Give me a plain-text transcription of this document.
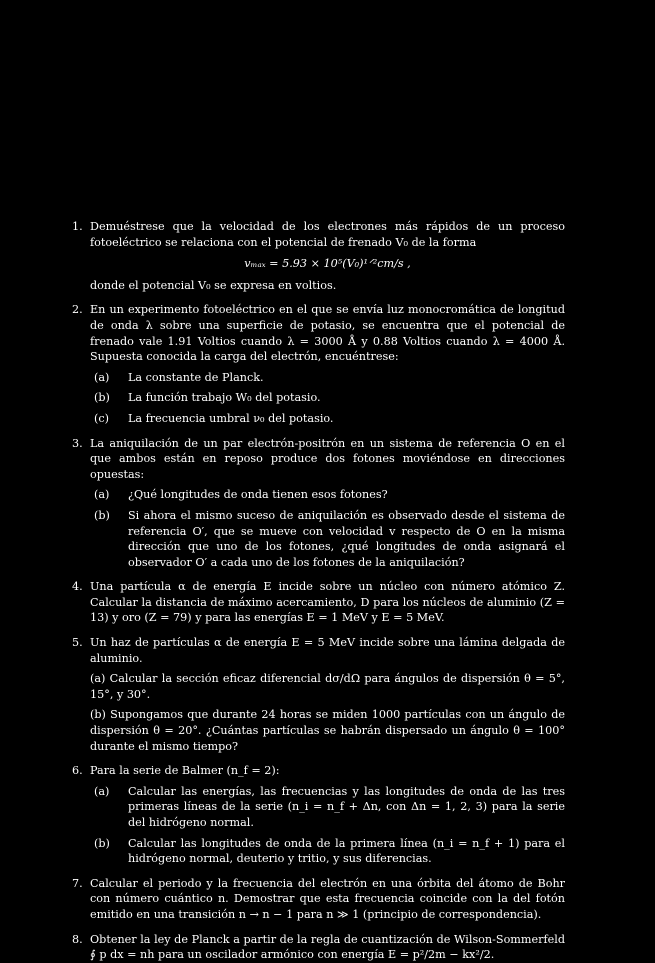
1. Demuéstrese que la velocidad de los electrones más rápidos de un proceso fotoeléctrico se relaciona con el potencial de frenado V₀ de la forma
vₘₐₓ = 5.93 × 10⁵(V₀)¹ᐟ²cm/s ,
donde el potencial V₀ se expresa en voltios.
2. En un experimento fotoeléctrico en el que se envía luz monocromática de longitud de onda λ sobre una superficie de potasio, se encuentra que el potencial de frenado vale 1.91 Voltios cuando λ = 3000 Å y 0.88 Voltios cuando λ = 4000 Å. Supuesta conocida la carga del electrón, encuéntrese:
(a) La constante de Planck.
(b) La función trabajo W₀ del potasio.
(c) La frecuencia umbral ν₀ del potasio.
3. La aniquilación de un par electrón-positrón en un sistema de referencia O en el que ambos están en reposo produce dos fotones moviéndose en direcciones opuestas:
(a) ¿Qué longitudes de onda tienen esos fotones?
(b) Si ahora el mismo suceso de aniquilación es observado desde el sistema de referencia O′, que se mueve con velocidad v respecto de O en la misma dirección que uno de los fotones, ¿qué longitudes de onda asignará el observador O′ a cada uno de los fotones de la aniquilación?
4. Una partícula α de energía E incide sobre un núcleo con número atómico Z. Calcular la distancia de máximo acercamiento, D para los núcleos de aluminio (Z = 13) y oro (Z = 79) y para las energías E = 1 MeV y E = 5 MeV.
5. Un haz de partículas α de energía E = 5 MeV incide sobre una lámina delgada de aluminio.
(a) Calcular la sección eficaz diferencial dσ/dΩ para ángulos de dispersión θ = 5°, 15°, y 30°.
(b) Supongamos que durante 24 horas se miden 1000 partículas con un ángulo de dispersión θ = 20°. ¿Cuántas partículas se habrán dispersado un ángulo θ = 100° durante el mismo tiempo?
6. Para la serie de Balmer (n_f = 2):
(a) Calcular las energías, las frecuencias y las longitudes de onda de las tres primeras líneas de la serie (n_i = n_f + Δn, con Δn = 1, 2, 3) para la serie del hidrógeno normal.
(b) Calcular las longitudes de onda de la primera línea (n_i = n_f + 1) para el hidrógeno normal, deuterio y tritio, y sus diferencias.
7. Calcular el periodo y la frecuencia del electrón en una órbita del átomo de Bohr con número cuántico n. Demostrar que esta frecuencia coincide con la del fotón emitido en una transición n → n − 1 para n ≫ 1 (principio de correspondencia).
8. Obtener la ley de Planck a partir de la regla de cuantización de Wilson-Sommerfeld ∮ p dx = nh para un oscilador armónico con energía E = p²/2m − kx²/2.
